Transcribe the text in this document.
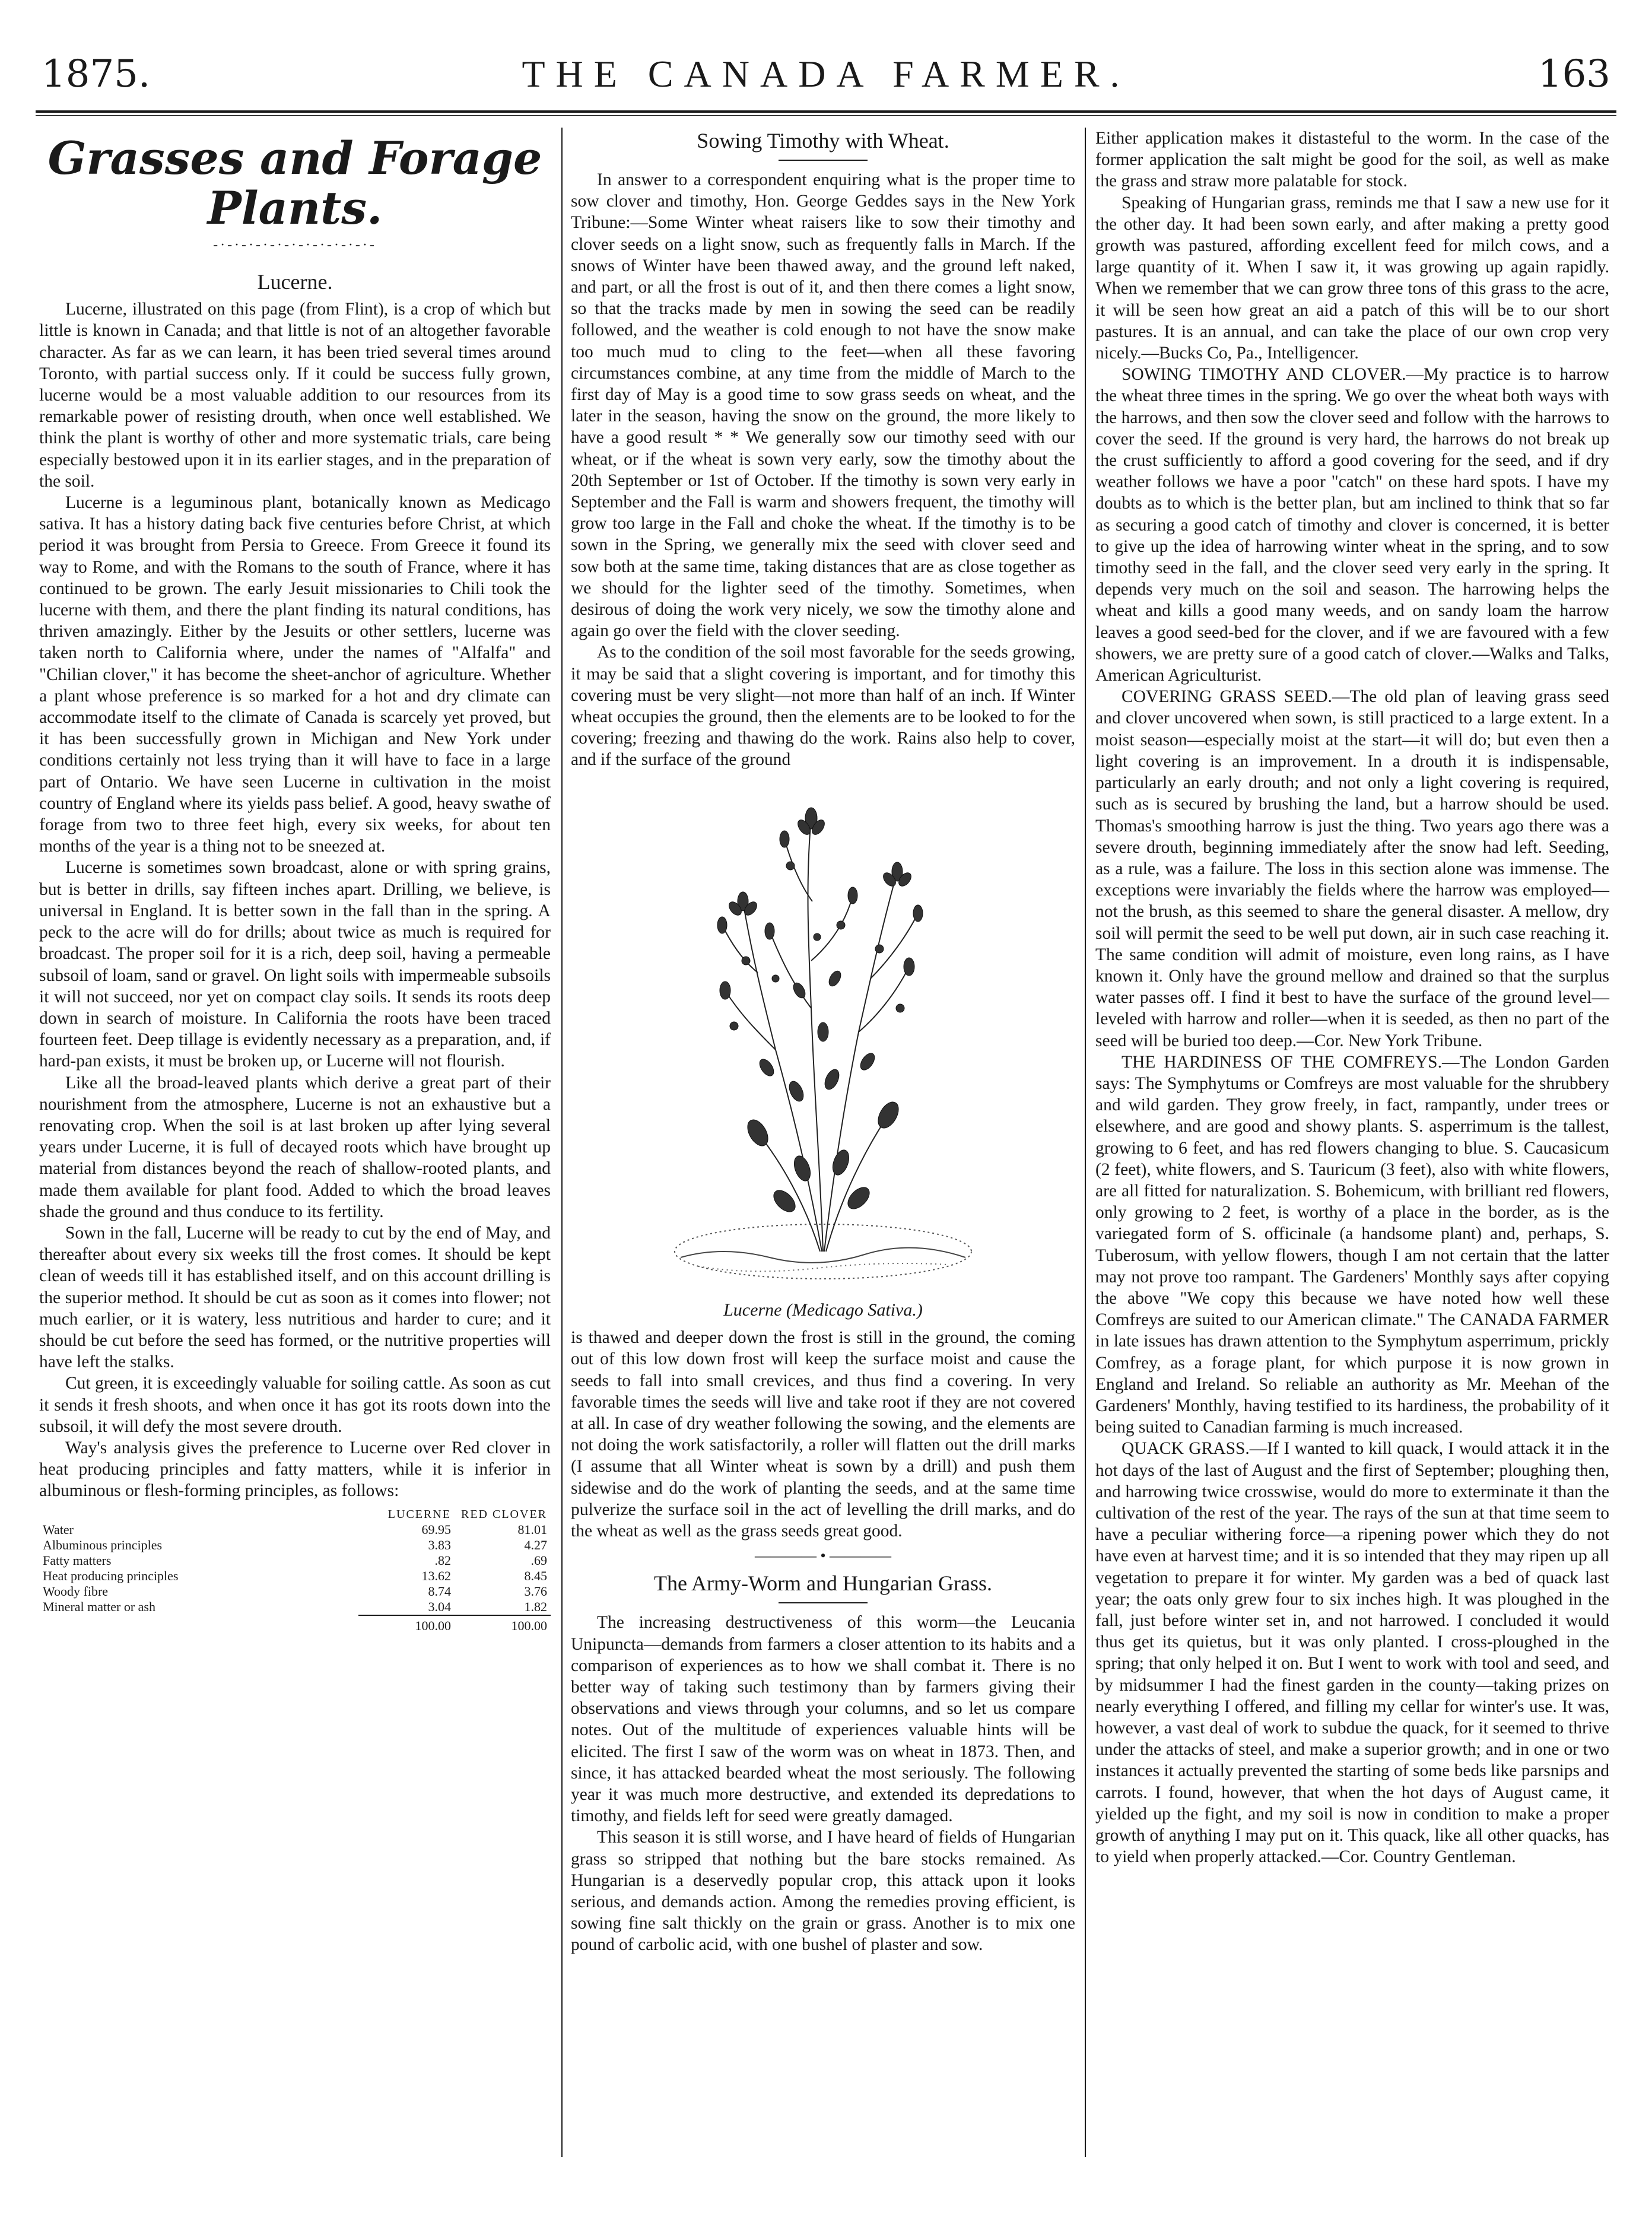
1875.	THE CANADA FARMER.	163
Grasses and Forage Plants.
-·-·-·-·-·-·-·-·-·-·-·-
Lucerne.

Lucerne, illustrated on this page (from Flint), is a crop of which but little is known in Canada; and that little is not of an altogether favorable character. As far as we can learn, it has been tried several times around Toronto, with partial success only. If it could be success fully grown, lucerne would be a most valuable addition to our resources from its remarkable power of resisting drouth, when once well established. We think the plant is worthy of other and more systematic trials, care being especially bestowed upon it in its earlier stages, and in the preparation of the soil.

Lucerne is a leguminous plant, botanically known as Medicago sativa. It has a history dating back five centuries before Christ, at which period it was brought from Persia to Greece. From Greece it found its way to Rome, and with the Romans to the south of France, where it has continued to be grown. The early Jesuit missionaries to Chili took the lucerne with them, and there the plant finding its natural conditions, has thriven amazingly. Either by the Jesuits or other settlers, lucerne was taken north to California where, under the names of "Alfalfa" and "Chilian clover," it has become the sheet-anchor of agriculture. Whether a plant whose preference is so marked for a hot and dry climate can accommodate itself to the climate of Canada is scarcely yet proved, but it has been successfully grown in Michigan and New York under conditions certainly not less trying than it will have to face in a large part of Ontario. We have seen Lucerne in cultivation in the moist country of England where its yields pass belief. A good, heavy swathe of forage from two to three feet high, every six weeks, for about ten months of the year is a thing not to be sneezed at.

Lucerne is sometimes sown broadcast, alone or with spring grains, but is better in drills, say fifteen inches apart. Drilling, we believe, is universal in England. It is better sown in the fall than in the spring. A peck to the acre will do for drills; about twice as much is required for broadcast. The proper soil for it is a rich, deep soil, having a permeable subsoil of loam, sand or gravel. On light soils with impermeable subsoils it will not succeed, nor yet on compact clay soils. It sends its roots deep down in search of moisture. In California the roots have been traced fourteen feet. Deep tillage is evidently necessary as a preparation, and, if hard-pan exists, it must be broken up, or Lucerne will not flourish.

Like all the broad-leaved plants which derive a great part of their nourishment from the atmosphere, Lucerne is not an exhaustive but a renovating crop. When the soil is at last broken up after lying several years under Lucerne, it is full of decayed roots which have brought up material from distances beyond the reach of shallow-rooted plants, and made them available for plant food. Added to which the broad leaves shade the ground and thus conduce to its fertility.

Sown in the fall, Lucerne will be ready to cut by the end of May, and thereafter about every six weeks till the frost comes. It should be kept clean of weeds till it has established itself, and on this account drilling is the superior method. It should be cut as soon as it comes into flower; not much earlier, or it is watery, less nutritious and harder to cure; and it should be cut before the seed has formed, or the nutritive properties will have left the stalks.

Cut green, it is exceedingly valuable for soiling cattle. As soon as cut it sends it fresh shoots, and when once it has got its roots down into the subsoil, it will defy the most severe drouth.

Way's analysis gives the preference to Lucerne over Red clover in heat producing principles and fatty matters, while it is inferior in albuminous or flesh-forming principles, as follows:

	LUCERNE	RED CLOVER
Water	69.95	81.01
Albuminous principles	3.83	4.27
Fatty matters	.82	.69
Heat producing principles	13.62	8.45
Woody fibre	8.74	3.76
Mineral matter or ash	3.04	1.82
	100.00	100.00
Sowing Timothy with Wheat.

In answer to a correspondent enquiring what is the proper time to sow clover and timothy, Hon. George Geddes says in the New York Tribune:—Some Winter wheat raisers like to sow their timothy and clover seeds on a light snow, such as frequently falls in March. If the snows of Winter have been thawed away, and the ground left naked, and part, or all the frost is out of it, and then there comes a light snow, so that the tracks made by men in sowing the seed can be readily followed, and the weather is cold enough to not have the snow make too much mud to cling to the feet—when all these favoring circumstances combine, at any time from the middle of March to the first day of May is a good time to sow grass seeds on wheat, and the later in the season, having the snow on the ground, the more likely to have a good result * * We generally sow our timothy seed with our wheat, or if the wheat is sown very early, sow the timothy about the 20th September or 1st of October. If the timothy is sown very early in September and the Fall is warm and showers frequent, the timothy will grow too large in the Fall and choke the wheat. If the timothy is to be sown in the Spring, we generally mix the seed with clover seed and sow both at the same time, taking distances that are as close together as we should for the lighter seed of the timothy. Sometimes, when desirous of doing the work very nicely, we sow the timothy alone and again go over the field with the clover seeding.

As to the condition of the soil most favorable for the seeds growing, it may be said that a slight covering is important, and for timothy this covering must be very slight—not more than half of an inch. If Winter wheat occupies the ground, then the elements are to be looked to for the covering; freezing and thawing do the work. Rains also help to cover, and if the surface of the ground

Lucerne (Medicago Sativa.)

is thawed and deeper down the frost is still in the ground, the coming out of this low down frost will keep the surface moist and cause the seeds to fall into small crevices, and thus find a covering. In very favorable times the seeds will live and take root if they are not covered at all. In case of dry weather following the sowing, and the elements are not doing the work satisfactorily, a roller will flatten out the drill marks (I assume that all Winter wheat is sown by a drill) and push them sidewise and do the work of planting the seeds, and at the same time pulverize the surface soil in the act of levelling the drill marks, and do the wheat as well as the grass seeds great good.

———— • ————
The Army-Worm and Hungarian Grass.

The increasing destructiveness of this worm—the Leucania Unipuncta—demands from farmers a closer attention to its habits and a comparison of experiences as to how we shall combat it. There is no better way of taking such testimony than by farmers giving their observations and views through your columns, and so let us compare notes. Out of the multitude of experiences valuable hints will be elicited. The first I saw of the worm was on wheat in 1873. Then, and since, it has attacked bearded wheat the most seriously. The following year it was much more destructive, and extended its depredations to timothy, and fields left for seed were greatly damaged.

This season it is still worse, and I have heard of fields of Hungarian grass so stripped that nothing but the bare stocks remained. As Hungarian is a deservedly popular crop, this attack upon it looks serious, and demands action. Among the remedies proving efficient, is sowing fine salt thickly on the grain or grass. Another is to mix one pound of carbolic acid, with one bushel of plaster and sow.

Either application makes it distasteful to the worm. In the case of the former application the salt might be good for the soil, as well as make the grass and straw more palatable for stock.

Speaking of Hungarian grass, reminds me that I saw a new use for it the other day. It had been sown early, and after making a pretty good growth was pastured, affording excellent feed for milch cows, and a large quantity of it. When I saw it, it was growing up again rapidly. When we remember that we can grow three tons of this grass to the acre, it will be seen how great an aid a patch of this will be to our short pastures. It is an annual, and can take the place of our own crop very nicely.—Bucks Co, Pa., Intelligencer.

SOWING TIMOTHY AND CLOVER.—My practice is to harrow the wheat three times in the spring. We go over the wheat both ways with the harrows, and then sow the clover seed and follow with the harrows to cover the seed. If the ground is very hard, the harrows do not break up the crust sufficiently to afford a good covering for the seed, and if dry weather follows we have a poor "catch" on these hard spots. I have my doubts as to which is the better plan, but am inclined to think that so far as securing a good catch of timothy and clover is concerned, it is better to give up the idea of harrowing winter wheat in the spring, and to sow timothy seed in the fall, and the clover seed very early in the spring. It depends very much on the soil and season. The harrowing helps the wheat and kills a good many weeds, and on sandy loam the harrow leaves a good seed-bed for the clover, and if we are favoured with a few showers, we are pretty sure of a good catch of clover.—Walks and Talks, American Agriculturist.

COVERING GRASS SEED.—The old plan of leaving grass seed and clover uncovered when sown, is still practiced to a large extent. In a moist season—especially moist at the start—it will do; but even then a light covering is an improvement. In a drouth it is indispensable, particularly an early drouth; and not only a light covering is required, such as is secured by brushing the land, but a harrow should be used. Thomas's smoothing harrow is just the thing. Two years ago there was a severe drouth, beginning immediately after the snow had left. Seeding, as a rule, was a failure. The loss in this section alone was immense. The exceptions were invariably the fields where the harrow was employed—not the brush, as this seemed to share the general disaster. A mellow, dry soil will permit the seed to be well put down, air in such case reaching it. The same condition will admit of moisture, even long rains, as I have known it. Only have the ground mellow and drained so that the surplus water passes off. I find it best to have the surface of the ground level—leveled with harrow and roller—when it is seeded, as then no part of the seed will be buried too deep.—Cor. New York Tribune.

THE HARDINESS OF THE COMFREYS.—The London Garden says: The Symphytums or Comfreys are most valuable for the shrubbery and wild garden. They grow freely, in fact, rampantly, under trees or elsewhere, and are good and showy plants. S. asperrimum is the tallest, growing to 6 feet, and has red flowers changing to blue. S. Caucasicum (2 feet), white flowers, and S. Tauricum (3 feet), also with white flowers, are all fitted for naturalization. S. Bohemicum, with brilliant red flowers, only growing to 2 feet, is worthy of a place in the border, as is the variegated form of S. officinale (a handsome plant) and, perhaps, S. Tuberosum, with yellow flowers, though I am not certain that the latter may not prove too rampant. The Gardeners' Monthly says after copying the above "We copy this because we have noted how well these Comfreys are suited to our American climate." The CANADA FARMER in late issues has drawn attention to the Symphytum asperrimum, prickly Comfrey, as a forage plant, for which purpose it is now grown in England and Ireland. So reliable an authority as Mr. Meehan of the Gardeners' Monthly, having testified to its hardiness, the probability of it being suited to Canadian farming is much increased.

QUACK GRASS.—If I wanted to kill quack, I would attack it in the hot days of the last of August and the first of September; ploughing then, and harrowing twice crosswise, would do more to exterminate it than the cultivation of the rest of the year. The rays of the sun at that time seem to have a peculiar withering force—a ripening power which they do not have even at harvest time; and it is so intended that they may ripen up all vegetation to prepare it for winter. My garden was a bed of quack last year; the oats only grew four to six inches high. It was ploughed in the fall, just before winter set in, and not harrowed. I concluded it would thus get its quietus, but it was only planted. I cross-ploughed in the spring; that only helped it on. But I went to work with tool and seed, and by midsummer I had the finest garden in the county—taking prizes on nearly everything I offered, and filling my cellar for winter's use. It was, however, a vast deal of work to subdue the quack, for it seemed to thrive under the attacks of steel, and make a superior growth; and in one or two instances it actually prevented the starting of some beds like parsnips and carrots. I found, however, that when the hot days of August came, it yielded up the fight, and my soil is now in condition to make a proper growth of anything I may put on it. This quack, like all other quacks, has to yield when properly attacked.—Cor. Country Gentleman.
